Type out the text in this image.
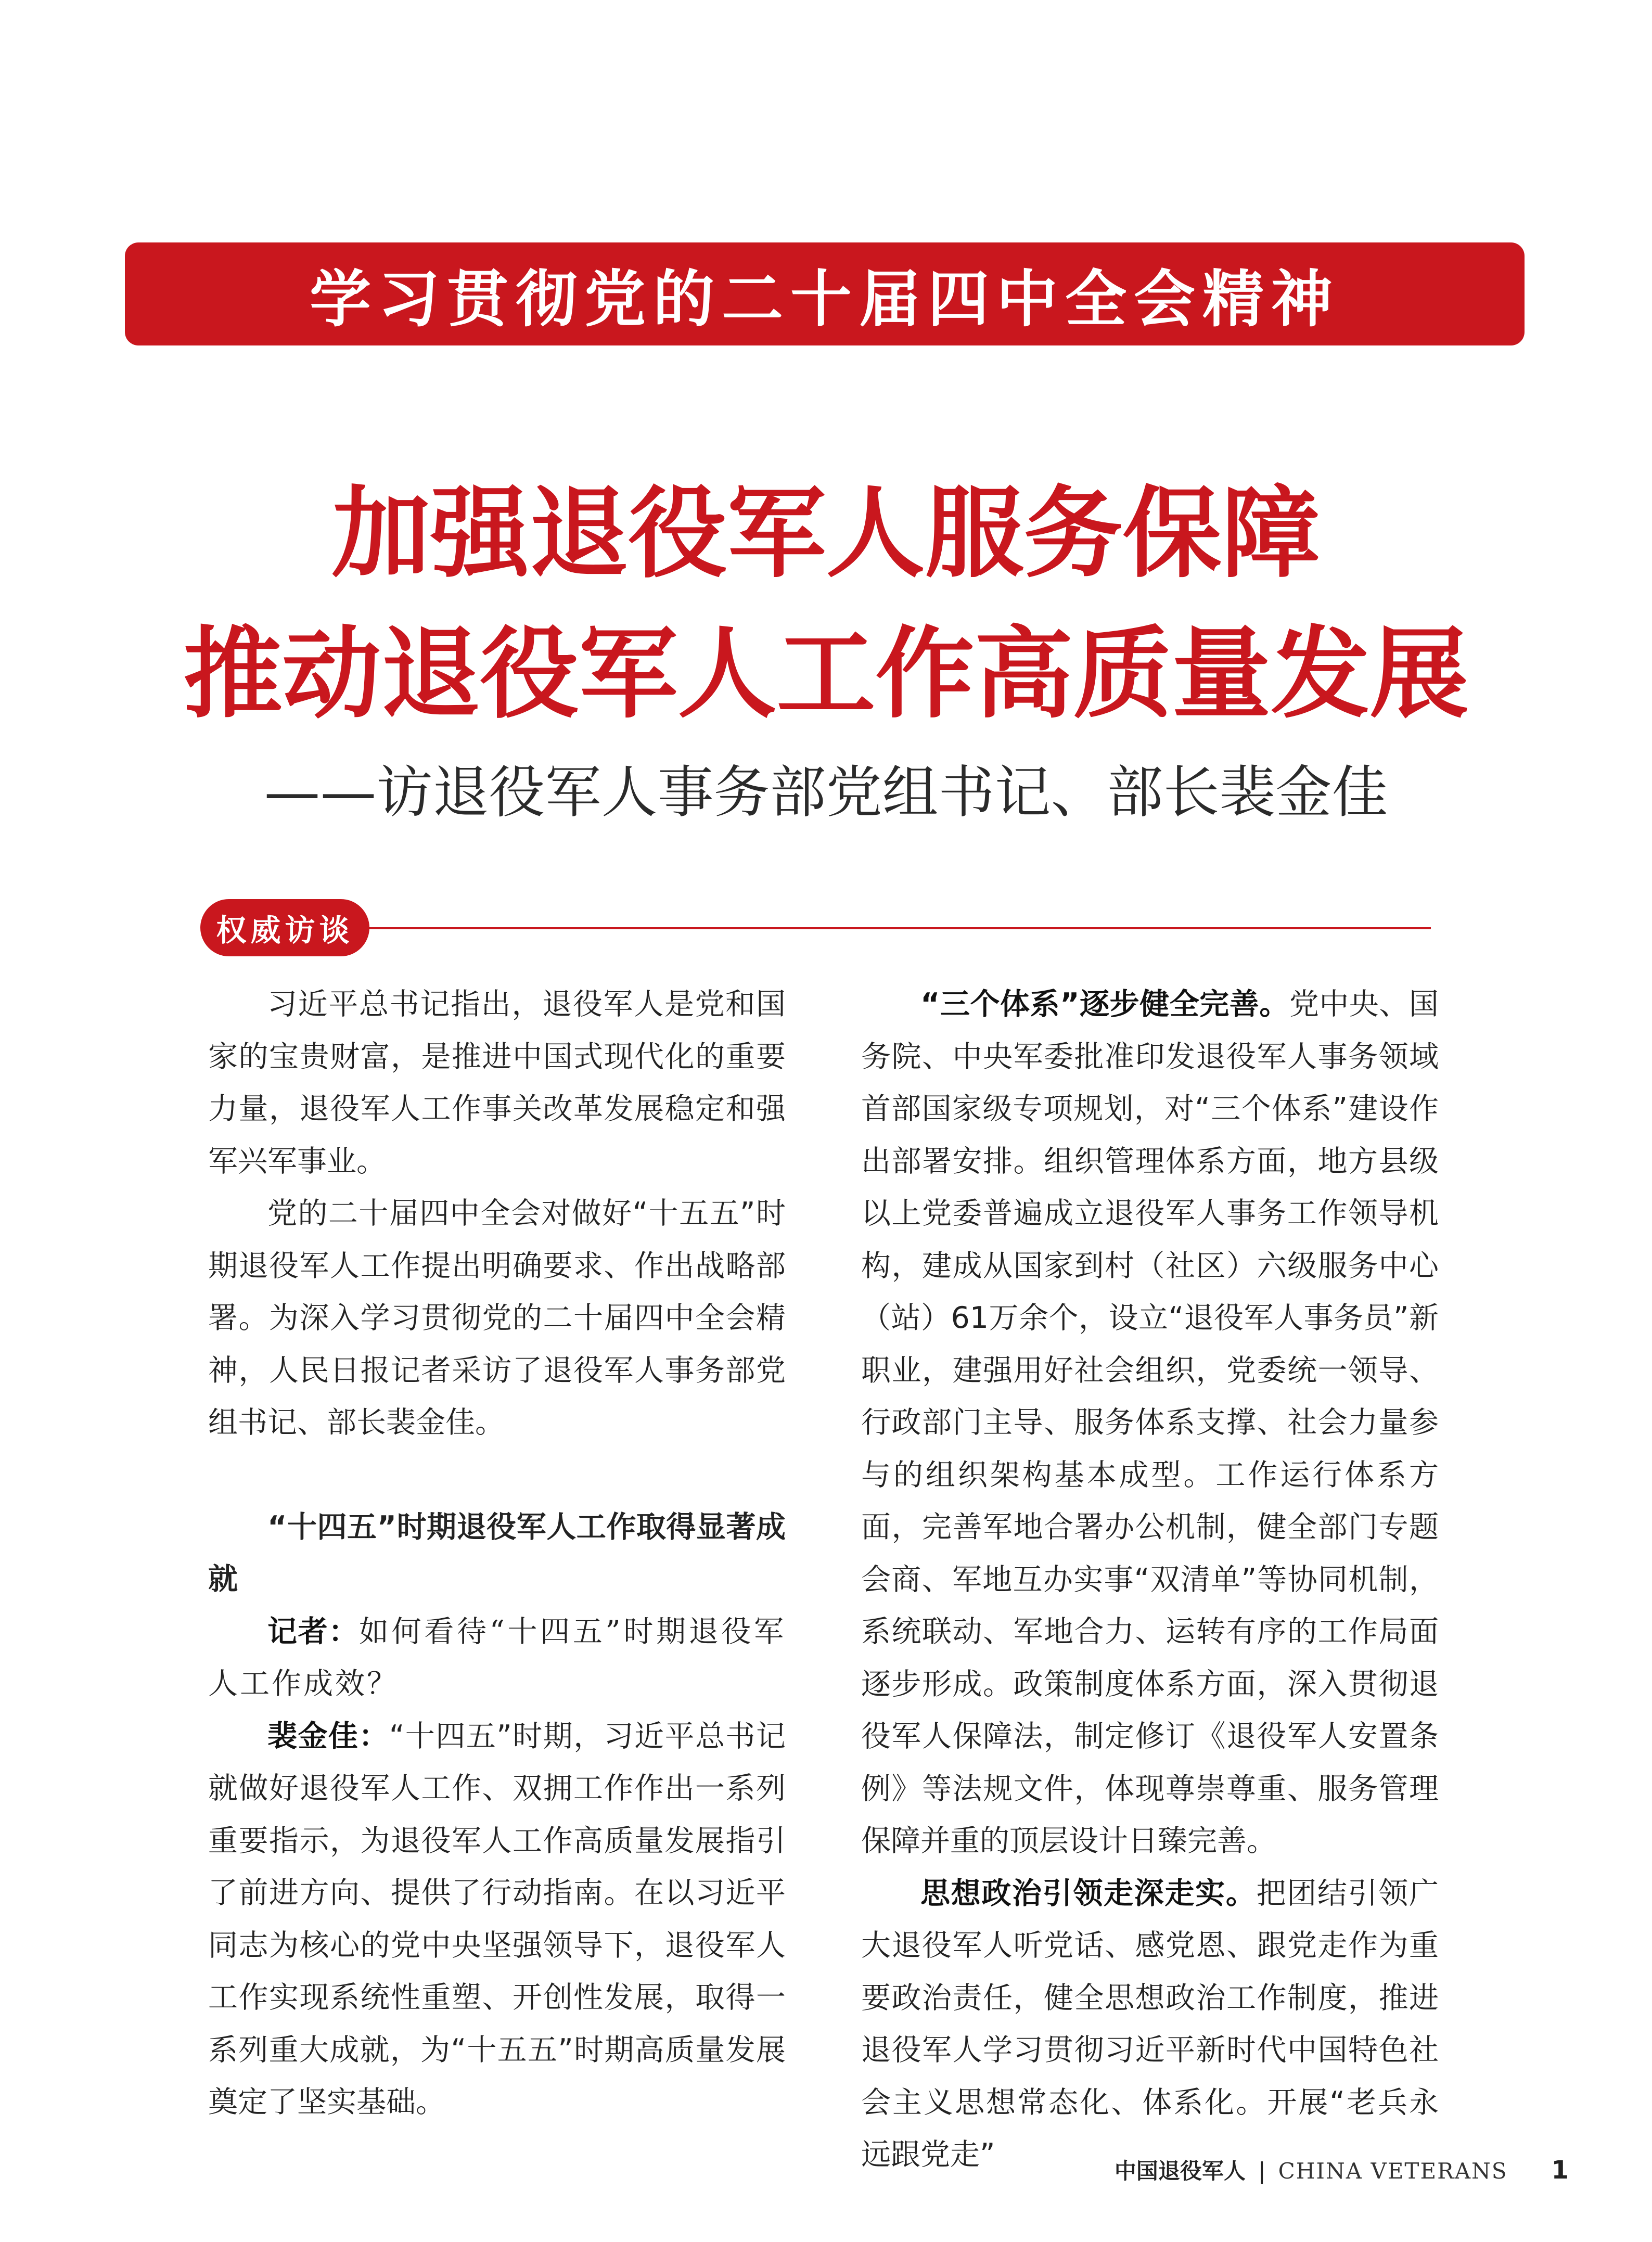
学习贯彻党的二十届四中全会精神
加强退役军人服务保障
推动退役军人工作高质量发展
——访退役军人事务部党组书记、部长裴金佳
权威访谈

习近平总书记指出，退役军人是党和国家的宝贵财富，是推进中国式现代化的重要力量，退役军人工作事关改革发展稳定和强军兴军事业。

党的二十届四中全会对做好“十五五”时期退役军人工作提出明确要求、作出战略部署。为深入学习贯彻党的二十届四中全会精神，人民日报记者采访了退役军人事务部党组书记、部长裴金佳。

“十四五”时期退役军人工作取得显著成就

记者：如何看待“十四五”时期退役军人工作成效？

裴金佳：“十四五”时期，习近平总书记就做好退役军人工作、双拥工作作出一系列重要指示，为退役军人工作高质量发展指引了前进方向、提供了行动指南。在以习近平同志为核心的党中央坚强领导下，退役军人工作实现系统性重塑、开创性发展，取得一系列重大成就，为“十五五”时期高质量发展奠定了坚实基础。

“三个体系”逐步健全完善。党中央、国务院、中央军委批准印发退役军人事务领域首部国家级专项规划，对“三个体系”建设作出部署安排。组织管理体系方面，地方县级以上党委普遍成立退役军人事务工作领导机构，建成从国家到村（社区）六级服务中心（站）61万余个，设立“退役军人事务员”新职业，建强用好社会组织，党委统一领导、行政部门主导、服务体系支撑、社会力量参与的组织架构基本成型。工作运行体系方面，完善军地合署办公机制，健全部门专题会商、军地互办实事“双清单”等协同机制，系统联动、军地合力、运转有序的工作局面逐步形成。政策制度体系方面，深入贯彻退役军人保障法，制定修订《退役军人安置条例》等法规文件，体现尊崇尊重、服务管理保障并重的顶层设计日臻完善。

思想政治引领走深走实。把团结引领广大退役军人听党话、感党恩、跟党走作为重要政治责任，健全思想政治工作制度，推进退役军人学习贯彻习近平新时代中国特色社会主义思想常态化、体系化。开展“老兵永远跟党走”	中国退役军人 | CHINA VETERANS 1
